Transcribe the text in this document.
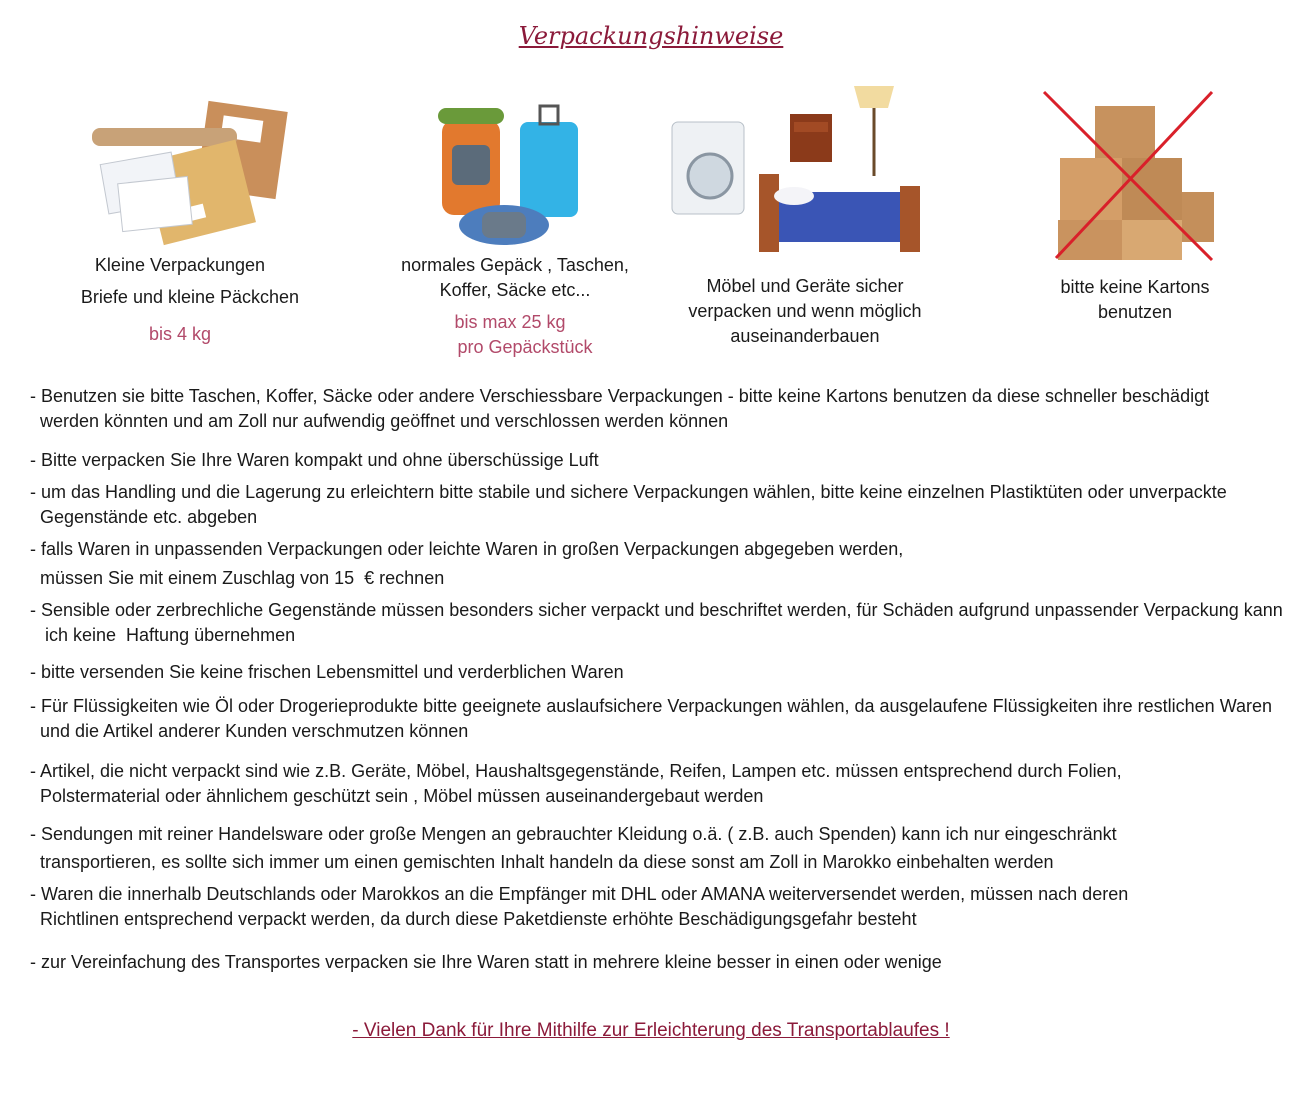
Verpackungshinweise
Kleine Verpackungen
Briefe und kleine Päckchen
bis 4 kg
normales Gepäck , Taschen,
Koffer, Säcke etc...
bis max 25 kg
pro Gepäckstück
Möbel und Geräte sicher
verpacken und wenn möglich
auseinanderbauen
bitte keine Kartons
benutzen
- Benutzen sie bitte Taschen, Koffer, Säcke oder andere Verschiessbare Verpackungen - bitte keine Kartons benutzen da diese schneller beschädigt
werden könnten und am Zoll nur aufwendig geöffnet und verschlossen werden können
- Bitte verpacken Sie Ihre Waren kompakt und ohne überschüssige Luft
- um das Handling und die Lagerung zu erleichtern bitte stabile und sichere Verpackungen wählen, bitte keine einzelnen Plastiktüten oder unverpackte
Gegenstände etc. abgeben
- falls Waren in unpassenden Verpackungen oder leichte Waren in großen Verpackungen abgegeben werden,
müssen Sie mit einem Zuschlag von 15  € rechnen
- Sensible oder zerbrechliche Gegenstände müssen besonders sicher verpackt und beschriftet werden, für Schäden aufgrund unpassender Verpackung kann
ich keine  Haftung übernehmen
- bitte versenden Sie keine frischen Lebensmittel und verderblichen Waren
- Für Flüssigkeiten wie Öl oder Drogerieprodukte bitte geeignete auslaufsichere Verpackungen wählen, da ausgelaufene Flüssigkeiten ihre restlichen Waren
und die Artikel anderer Kunden verschmutzen können
- Artikel, die nicht verpackt sind wie z.B. Geräte, Möbel, Haushaltsgegenstände, Reifen, Lampen etc. müssen entsprechend durch Folien,
Polstermaterial oder ähnlichem geschützt sein , Möbel müssen auseinandergebaut werden
- Sendungen mit reiner Handelsware oder große Mengen an gebrauchter Kleidung o.ä. ( z.B. auch Spenden) kann ich nur eingeschränkt
transportieren, es sollte sich immer um einen gemischten Inhalt handeln da diese sonst am Zoll in Marokko einbehalten werden
- Waren die innerhalb Deutschlands oder Marokkos an die Empfänger mit DHL oder AMANA weiterversendet werden, müssen nach deren
Richtlinen entsprechend verpackt werden, da durch diese Paketdienste erhöhte Beschädigungsgefahr besteht
- zur Vereinfachung des Transportes verpacken sie Ihre Waren statt in mehrere kleine besser in einen oder wenige
- Vielen Dank für Ihre Mithilfe zur Erleichterung des Transportablaufes !
